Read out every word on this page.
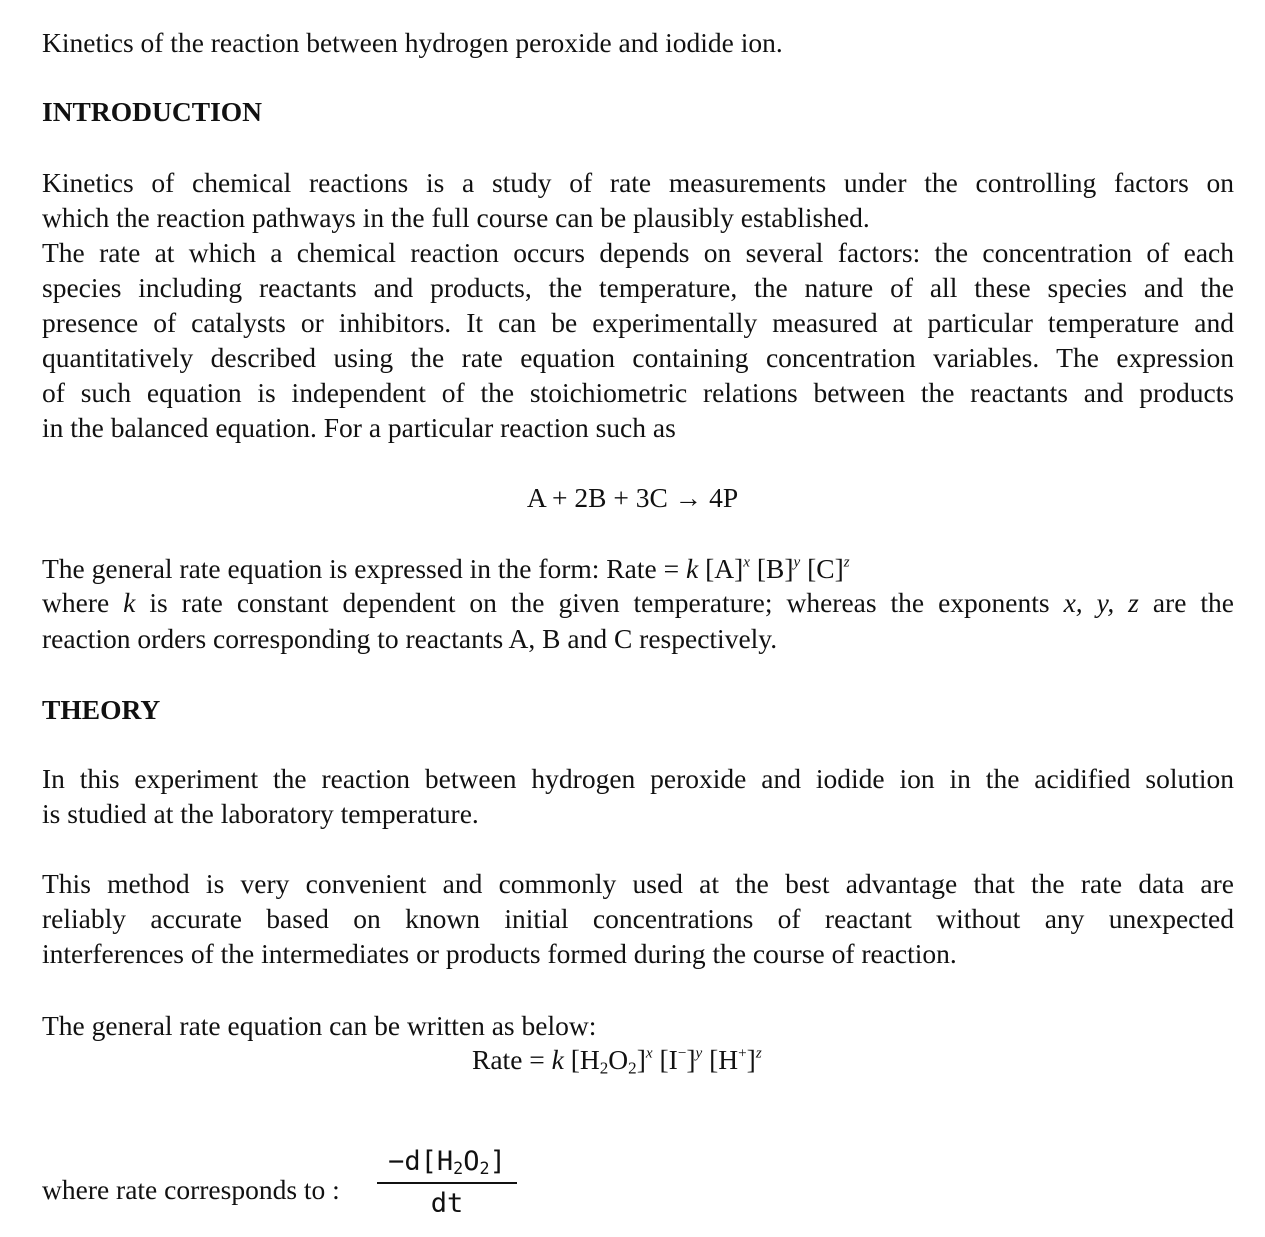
Kinetics of the reaction between hydrogen peroxide and iodide ion.
INTRODUCTION
Kinetics of chemical reactions is a study of rate measurements under the controlling factors on
which the reaction pathways in the full course can be plausibly established.
The rate at which a chemical reaction occurs depends on several factors: the concentration of each
species including reactants and products, the temperature, the nature of all these species and the
presence of catalysts or inhibitors. It can be experimentally measured at particular temperature and
quantitatively described using the rate equation containing concentration variables. The expression
of such equation is independent of the stoichiometric relations between the reactants and products
in the balanced equation. For a particular reaction such as
A + 2B + 3C → 4P
The general rate equation is expressed in the form: Rate = k $[A]^x$ $[B]^y$ $[C]^z$
where k is rate constant dependent on the given temperature; whereas the exponents x, y, z are the
reaction orders corresponding to reactants A, B and C respectively.
THEORY
In this experiment the reaction between hydrogen peroxide and iodide ion in the acidified solution
is studied at the laboratory temperature.
This method is very convenient and commonly used at the best advantage that the rate data are
reliably accurate based on known initial concentrations of reactant without any unexpected
interferences of the intermediates or products formed during the course of reaction.
The general rate equation can be written as below:
Rate = k $[H_2O_2]^x$ $[I^-]^y$ $[H^+]^z$
where rate corresponds to : $\frac{-d[H_2O_2]}{dt}$
